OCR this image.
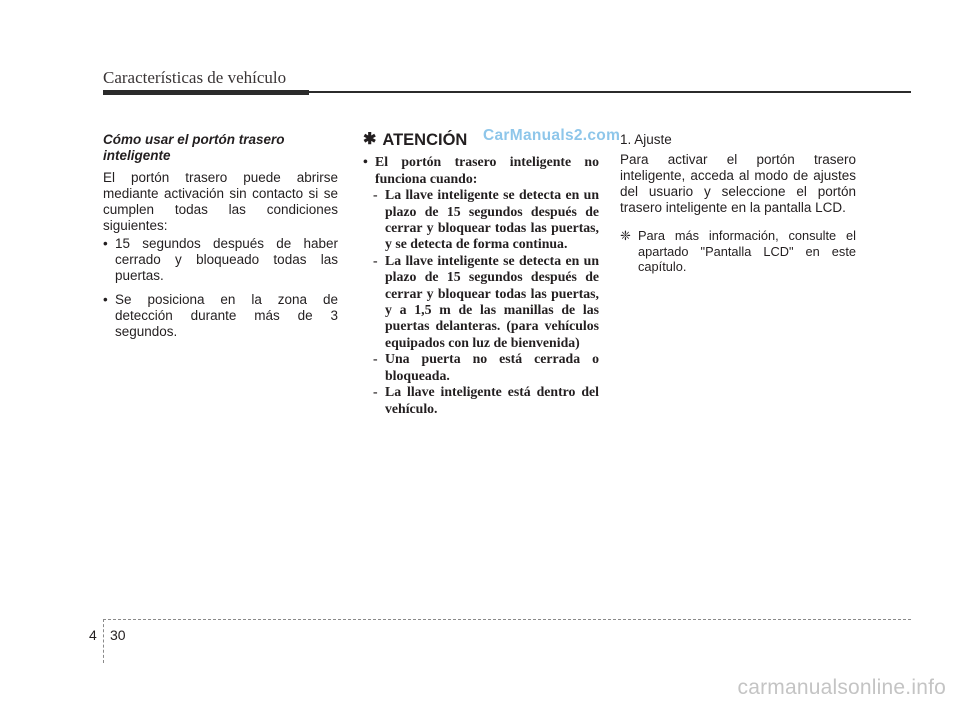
Características de vehículo
Cómo usar el portón trasero inteligente

El portón trasero puede abrirse mediante activación sin contacto si se cumplen todas las condiciones siguientes:

• 15 segundos después de haber cerrado y bloqueado todas las puertas.
• Se posiciona en la zona de detección durante más de 3 segundos.
✱ ATENCIÓN CarManuals2.com
• El portón trasero inteligente no funciona cuando:
- La llave inteligente se detecta en un plazo de 15 segundos después de cerrar y bloquear todas las puertas, y se detecta de forma continua.
- La llave inteligente se detecta en un plazo de 15 segundos después de cerrar y bloquear todas las puertas, y a 1,5 m de las manillas de las puertas delanteras. (para vehículos equipados con luz de bienvenida)
- Una puerta no está cerrada o bloqueada.
- La llave inteligente está dentro del vehículo.
1. Ajuste
Para activar el portón trasero inteligente, acceda al modo de ajustes del usuario y seleccione el portón trasero inteligente en la pantalla LCD.
❈ Para más información, consulte el apartado "Pantalla LCD" en este capítulo.
4 30
carmanualsonline.info
